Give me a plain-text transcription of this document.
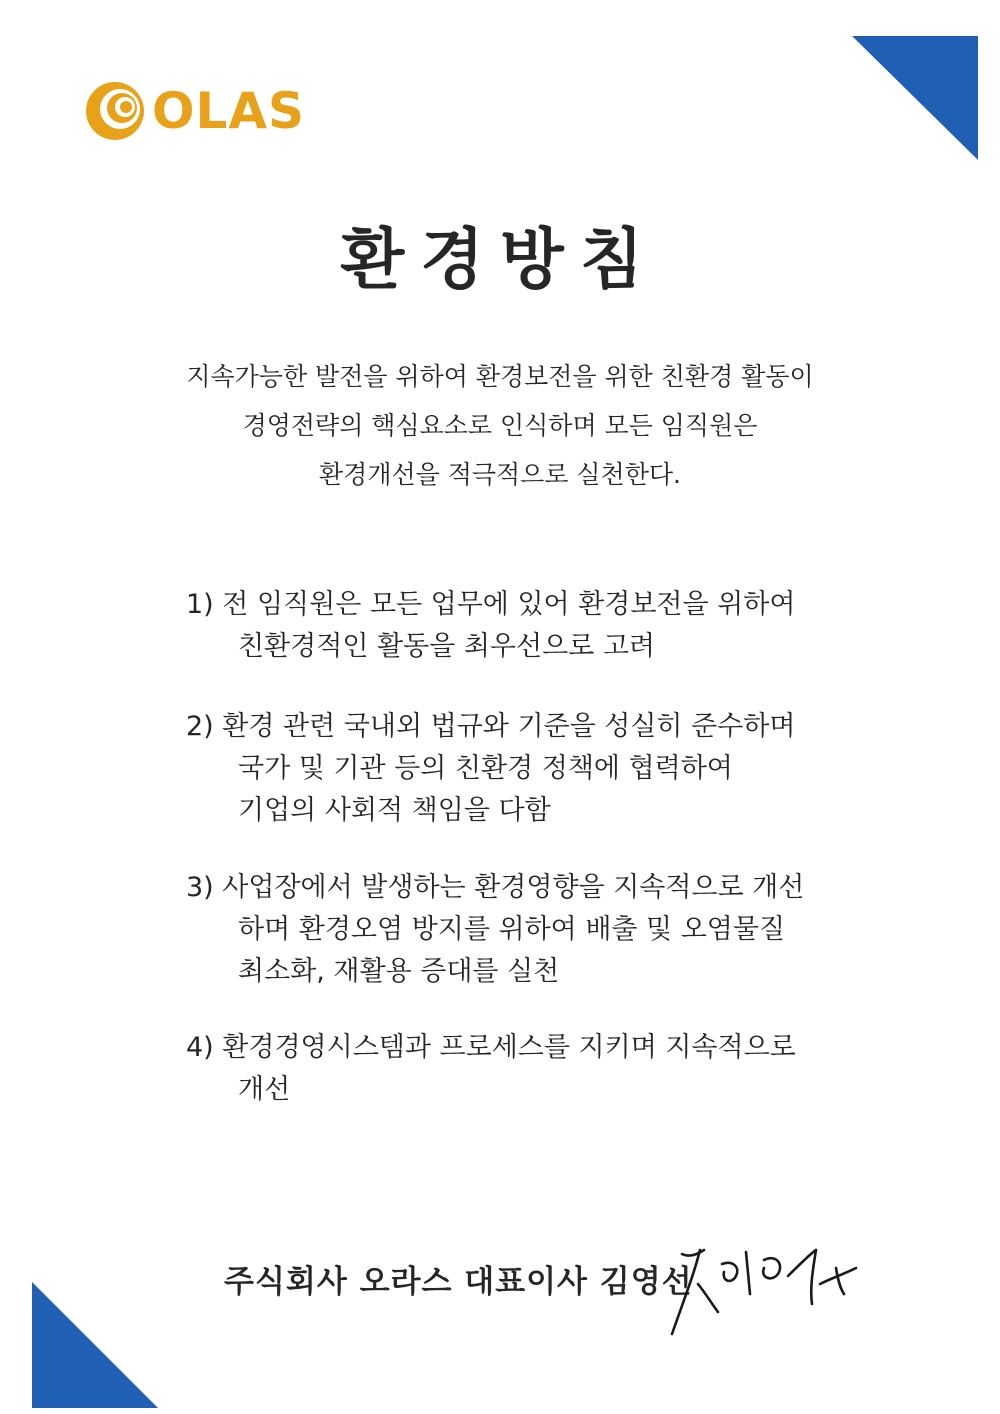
OLAS
환경방침
지속가능한 발전을 위하여 환경보전을 위한 친환경 활동이
경영전략의 핵심요소로 인식하며 모든 임직원은
환경개선을 적극적으로 실천한다.
1) 전 임직원은 모든 업무에 있어 환경보전을 위하여
친환경적인 활동을 최우선으로 고려
2) 환경 관련 국내외 법규와 기준을 성실히 준수하며
국가 및 기관 등의 친환경 정책에 협력하여
기업의 사회적 책임을 다함
3) 사업장에서 발생하는 환경영향을 지속적으로 개선
하며 환경오염 방지를 위하여 배출 및 오염물질
최소화, 재활용 증대를 실천
4) 환경경영시스템과 프로세스를 지키며 지속적으로
개선
주식회사 오라스 대표이사 김영선
